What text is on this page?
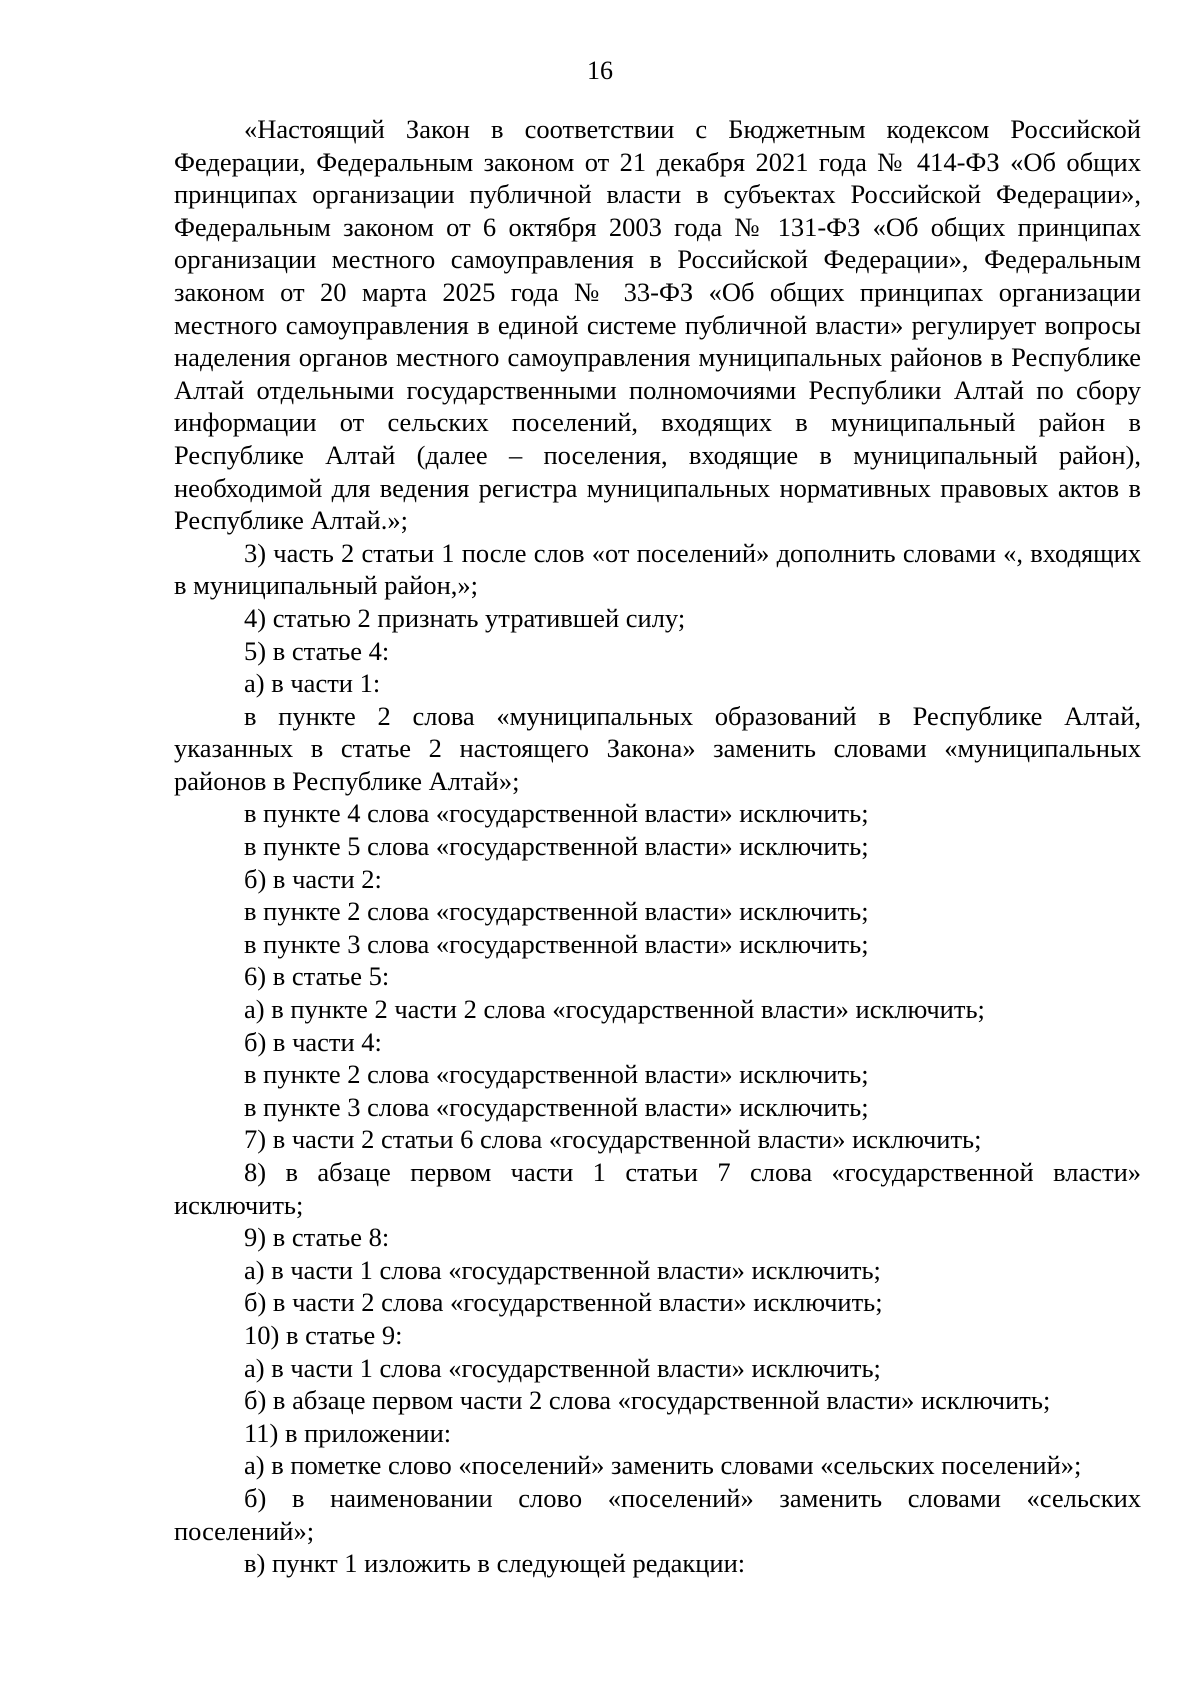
16

«Настоящий Закон в соответствии с Бюджетным кодексом Российской Федерации, Федеральным законом от 21 декабря 2021 года № 414-ФЗ «Об общих принципах организации публичной власти в субъектах Российской Федерации», Федеральным законом от 6 октября 2003 года № 131-ФЗ «Об общих принципах организации местного самоуправления в Российской Федерации», Федеральным законом от 20 марта 2025 года № 33-ФЗ «Об общих принципах организации местного самоуправления в единой системе публичной власти» регулирует вопросы наделения органов местного самоуправления муниципальных районов в Республике Алтай отдельными государственными полномочиями Республики Алтай по сбору информации от сельских поселений, входящих в муниципальный район в Республике Алтай (далее – поселения, входящие в муниципальный район), необходимой для ведения регистра муниципальных нормативных правовых актов в Республике Алтай.»;

3) часть 2 статьи 1 после слов «от поселений» дополнить словами «, входящих в муниципальный район,»;

4) статью 2 признать утратившей силу;

5) в статье 4:

а) в части 1:

в пункте 2 слова «муниципальных образований в Республике Алтай, указанных в статье 2 настоящего Закона» заменить словами «муниципальных районов в Республике Алтай»;

в пункте 4 слова «государственной власти» исключить;

в пункте 5 слова «государственной власти» исключить;

б) в части 2:

в пункте 2 слова «государственной власти» исключить;

в пункте 3 слова «государственной власти» исключить;

6) в статье 5:

а) в пункте 2 части 2 слова «государственной власти» исключить;

б) в части 4:

в пункте 2 слова «государственной власти» исключить;

в пункте 3 слова «государственной власти» исключить;

7) в части 2 статьи 6 слова «государственной власти» исключить;

8) в абзаце первом части 1 статьи 7 слова «государственной власти» исключить;

9) в статье 8:

а) в части 1 слова «государственной власти» исключить;

б) в части 2 слова «государственной власти» исключить;

10) в статье 9:

а) в части 1 слова «государственной власти» исключить;

б) в абзаце первом части 2 слова «государственной власти» исключить;

11) в приложении:

а) в пометке слово «поселений» заменить словами «сельских поселений»;

б) в наименовании слово «поселений» заменить словами «сельских поселений»;

в) пункт 1 изложить в следующей редакции:
